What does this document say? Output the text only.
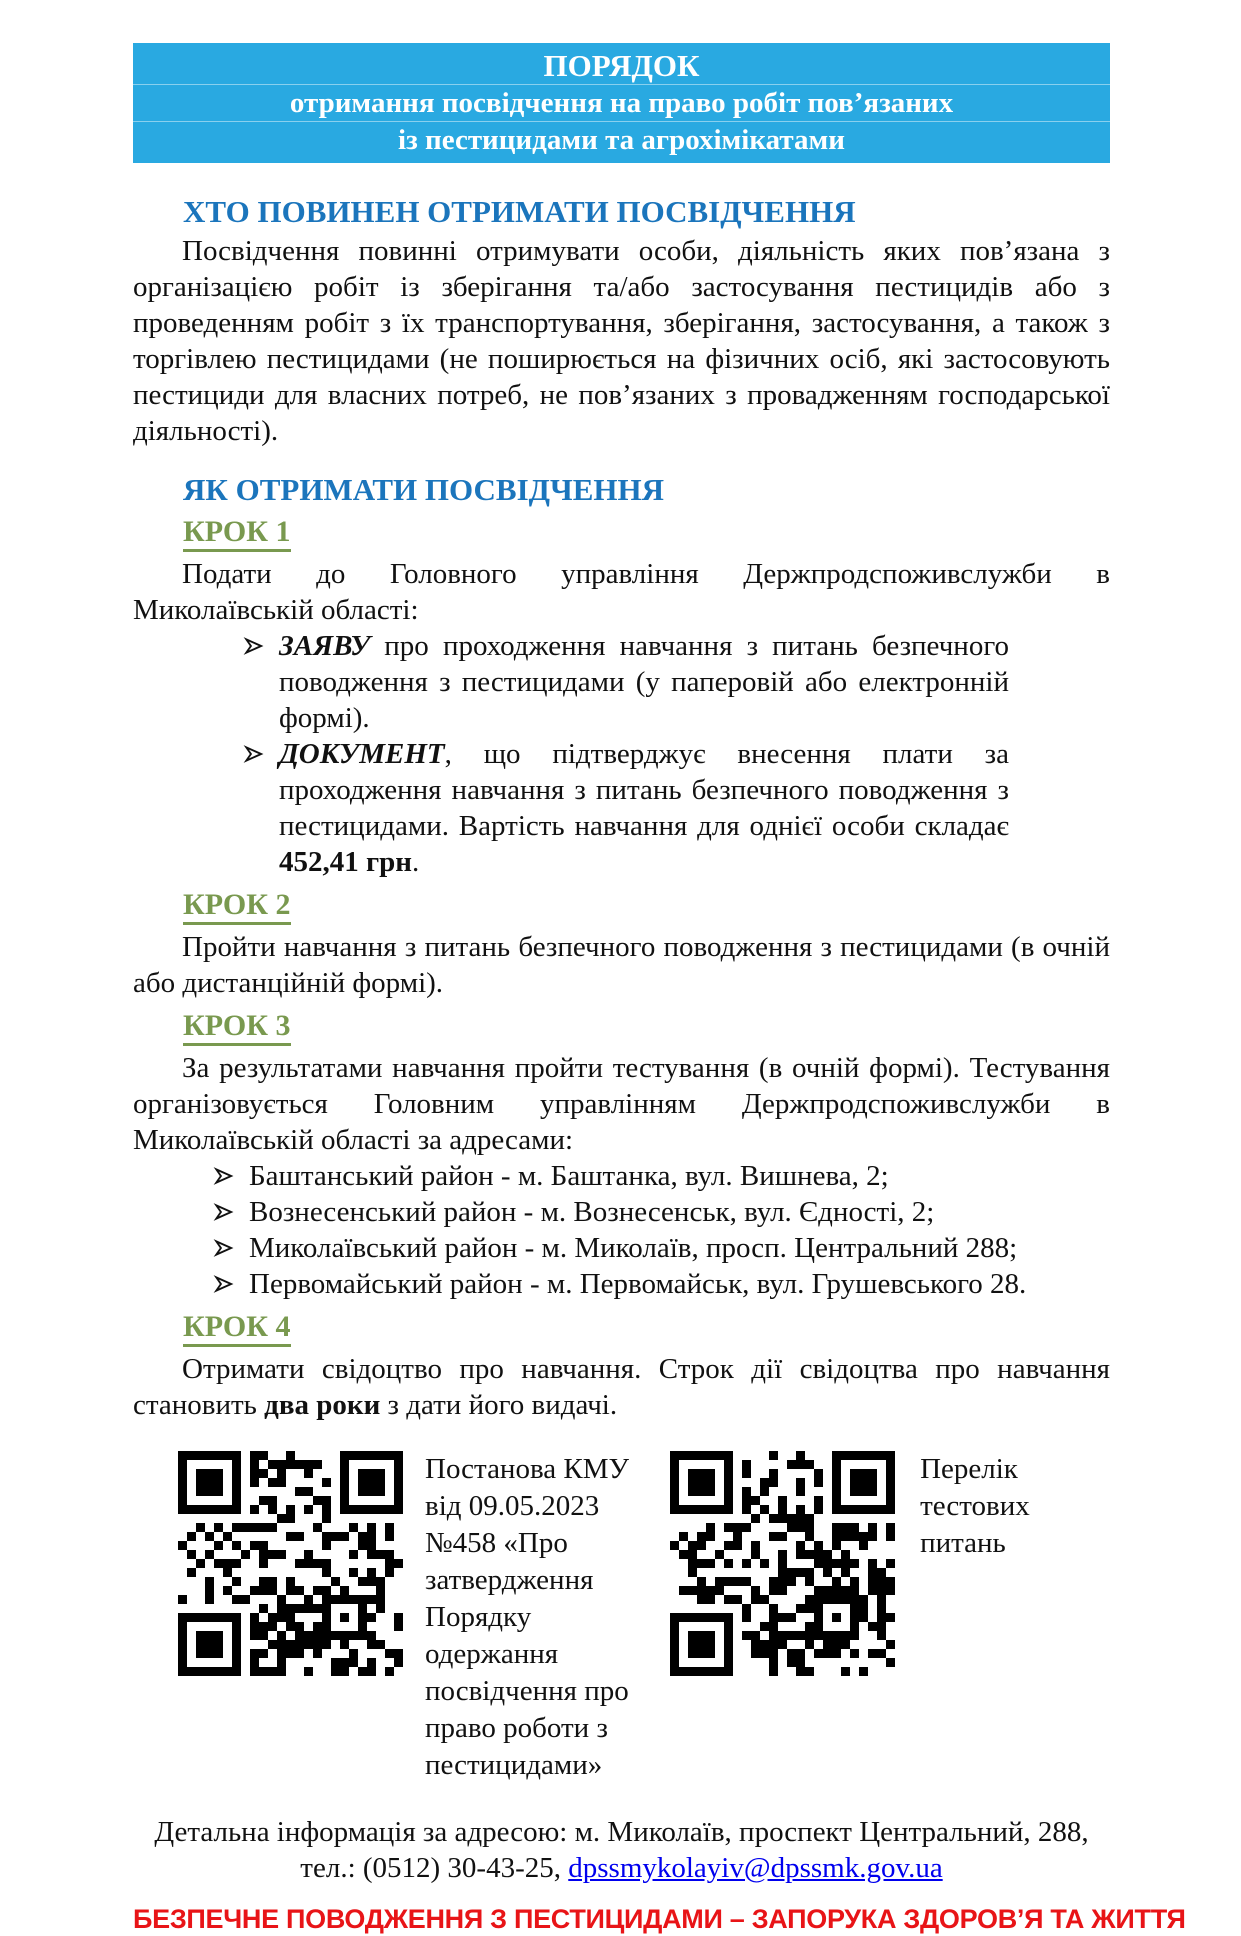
ПОРЯДОК
отримання посвідчення на право робіт пов’язаних
із пестицидами та агрохімікатами
ХТО ПОВИНЕН ОТРИМАТИ ПОСВІДЧЕННЯ

Посвідчення повинні отримувати особи, діяльність яких пов’язана з організацією робіт із зберігання та/або застосування пестицидів або з проведенням робіт з їх транспортування, зберігання, застосування, а також з торгівлею пестицидами (не поширюється на фізичних осіб, які застосовують пестициди для власних потреб, не пов’язаних з провадженням господарської діяльності).

ЯК ОТРИМАТИ ПОСВІДЧЕННЯ
КРОК 1

Подати до Головного управління Держпродспоживслужби в Миколаївській області:

ЗАЯВУ про проходження навчання з питань безпечного поводження з пестицидами (у паперовій або електронній формі).
ДОКУМЕНТ, що підтверджує внесення плати за проходження навчання з питань безпечного поводження з пестицидами. Вартість навчання для однієї особи складає 452,41 грн.
КРОК 2

Пройти навчання з питань безпечного поводження з пестицидами (в очній або дистанційній формі).

КРОК 3

За результатами навчання пройти тестування (в очній формі). Тестування організовується Головним управлінням Держпродспоживслужби в Миколаївській області за адресами:

Баштанський район - м. Баштанка, вул. Вишнева, 2;
Вознесенський район - м. Вознесенськ, вул. Єдності, 2;
Миколаївський район - м. Миколаїв, просп. Центральний 288;
Первомайський район - м. Первомайськ, вул. Грушевського 28.
КРОК 4

Отримати свідоцтво про навчання. Строк дії свідоцтва про навчання становить два роки з дати його видачі.

Постанова КМУ від 09.05.2023 №458 «Про затвердження Порядку одержання посвідчення про право роботи з пестицидами»
Перелік тестових питань
Детальна інформація за адресою: м. Миколаїв, проспект Центральний, 288,
тел.: (0512) 30-43-25, dpssmykolayiv@dpssmk.gov.ua
БЕЗПЕЧНЕ ПОВОДЖЕННЯ З ПЕСТИЦИДАМИ – ЗАПОРУКА ЗДОРОВ’Я ТА ЖИТТЯ
